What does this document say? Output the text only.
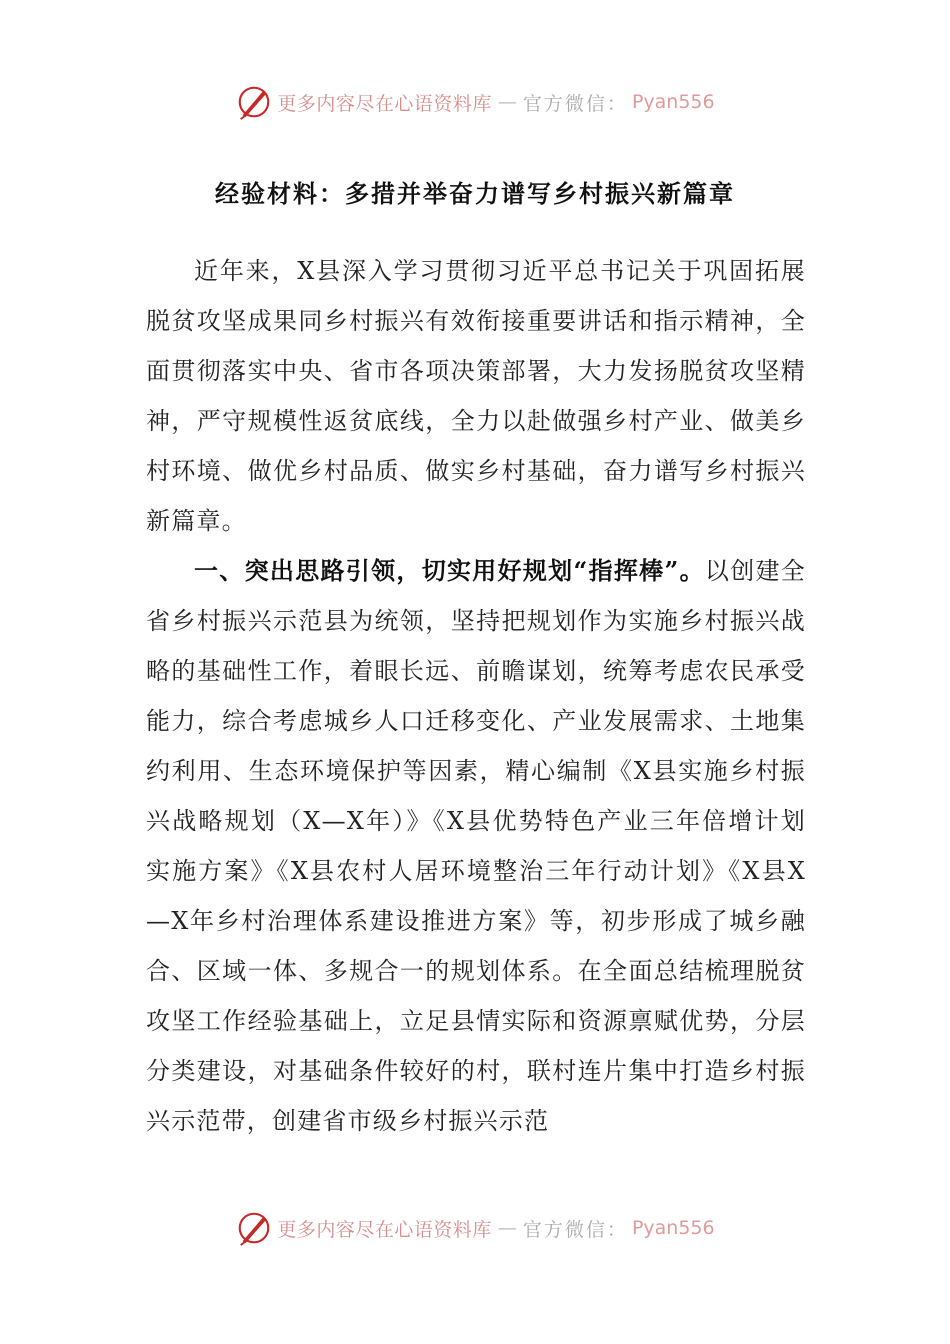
更多内容尽在心语资料库 — 官方微信： Pyan556
经验材料：多措并举奋力谱写乡村振兴新篇章

近年来，X县深入学习贯彻习近平总书记关于巩固拓展脱贫攻坚成果同乡村振兴有效衔接重要讲话和指示精神，全面贯彻落实中央、省市各项决策部署，大力发扬脱贫攻坚精神，严守规模性返贫底线，全力以赴做强乡村产业、做美乡村环境、做优乡村品质、做实乡村基础，奋力谱写乡村振兴新篇章。

一、突出思路引领，切实用好规划“指挥棒”。以创建全省乡村振兴示范县为统领，坚持把规划作为实施乡村振兴战略的基础性工作，着眼长远、前瞻谋划，统筹考虑农民承受能力，综合考虑城乡人口迁移变化、产业发展需求、土地集约利用、生态环境保护等因素，精心编制《X县实施乡村振兴战略规划（X—X年）》《X县优势特色产业三年倍增计划实施方案》《X县农村人居环境整治三年行动计划》《X县X—X年乡村治理体系建设推进方案》等，初步形成了城乡融合、区域一体、多规合一的规划体系。在全面总结梳理脱贫攻坚工作经验基础上，立足县情实际和资源禀赋优势，分层分类建设，对基础条件较好的村，联村连片集中打造乡村振兴示范带，创建省市级乡村振兴示范

更多内容尽在心语资料库 — 官方微信： Pyan556
